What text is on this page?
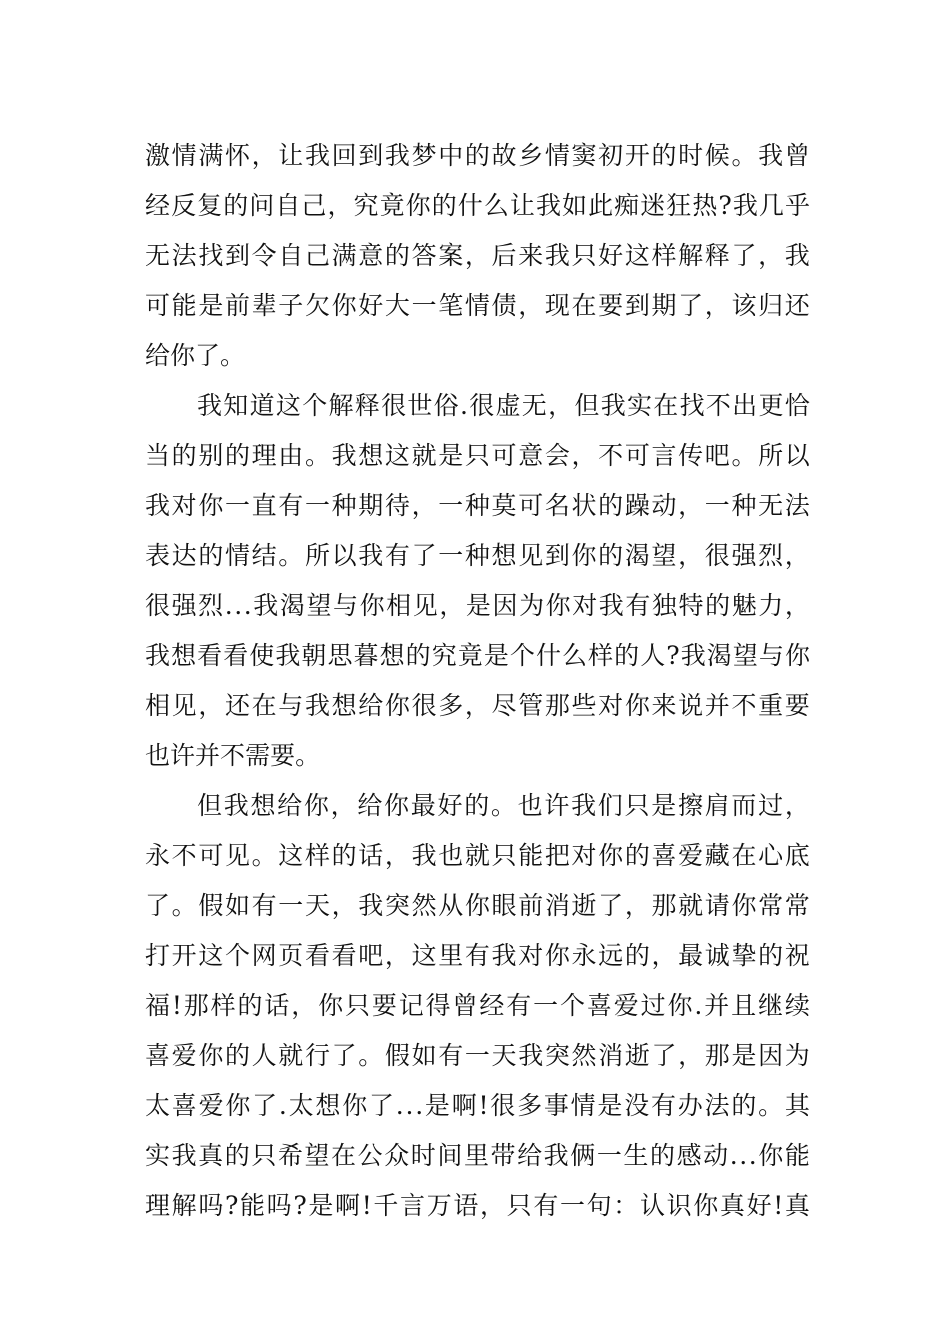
激 情 满 怀 ， 让 我 回 到 我 梦 中 的 故 乡 情 窦 初 开 的 时 候 。 我 曾
经 反 复 的 问 自 己 ， 究 竟 你 的 什 么 让 我 如 此 痴 迷 狂 热 ? 我 几 乎
无 法 找 到 令 自 己 满 意 的 答 案 ， 后 来 我 只 好 这 样 解 释 了 ， 我
可 能 是 前 辈 子 欠 你 好 大 一 笔 情 债 ， 现 在 要 到 期 了 ， 该 归 还
给 你 了 。
我 知 道 这 个 解 释 很 世 俗 . 很 虚 无 ， 但 我 实 在 找 不 出 更 恰
当 的 别 的 理 由 。 我 想 这 就 是 只 可 意 会 ， 不 可 言 传 吧 。 所 以
我 对 你 一 直 有 一 种 期 待 ， 一 种 莫 可 名 状 的 躁 动 ， 一 种 无 法
表 达 的 情 结 。 所 以 我 有 了 一 种 想 见 到 你 的 渴 望 ， 很 强 烈 ，
很 强 烈 . . . 我 渴 望 与 你 相 见 ， 是 因 为 你 对 我 有 独 特 的 魅 力 ，
我 想 看 看 使 我 朝 思 暮 想 的 究 竟 是 个 什 么 样 的 人 ? 我 渴 望 与 你
相 见 ， 还 在 与 我 想 给 你 很 多 ， 尽 管 那 些 对 你 来 说 并 不 重 要
也 许 并 不 需 要 。
但 我 想 给 你 ， 给 你 最 好 的 。 也 许 我 们 只 是 擦 肩 而 过 ，
永 不 可 见 。 这 样 的 话 ， 我 也 就 只 能 把 对 你 的 喜 爱 藏 在 心 底
了 。 假 如 有 一 天 ， 我 突 然 从 你 眼 前 消 逝 了 ， 那 就 请 你 常 常
打 开 这 个 网 页 看 看 吧 ， 这 里 有 我 对 你 永 远 的 ， 最 诚 挚 的 祝
福 ! 那 样 的 话 ， 你 只 要 记 得 曾 经 有 一 个 喜 爱 过 你 . 并 且 继 续
喜 爱 你 的 人 就 行 了 。 假 如 有 一 天 我 突 然 消 逝 了 ， 那 是 因 为
太 喜 爱 你 了 . 太 想 你 了 . . . 是 啊 ! 很 多 事 情 是 没 有 办 法 的 。 其
实 我 真 的 只 希 望 在 公 众 时 间 里 带 给 我 俩 一 生 的 感 动 . . . 你 能
理 解 吗 ? 能 吗 ? 是 啊 ! 千 言 万 语 ， 只 有 一 句 ： 认 识 你 真 好 ! 真
